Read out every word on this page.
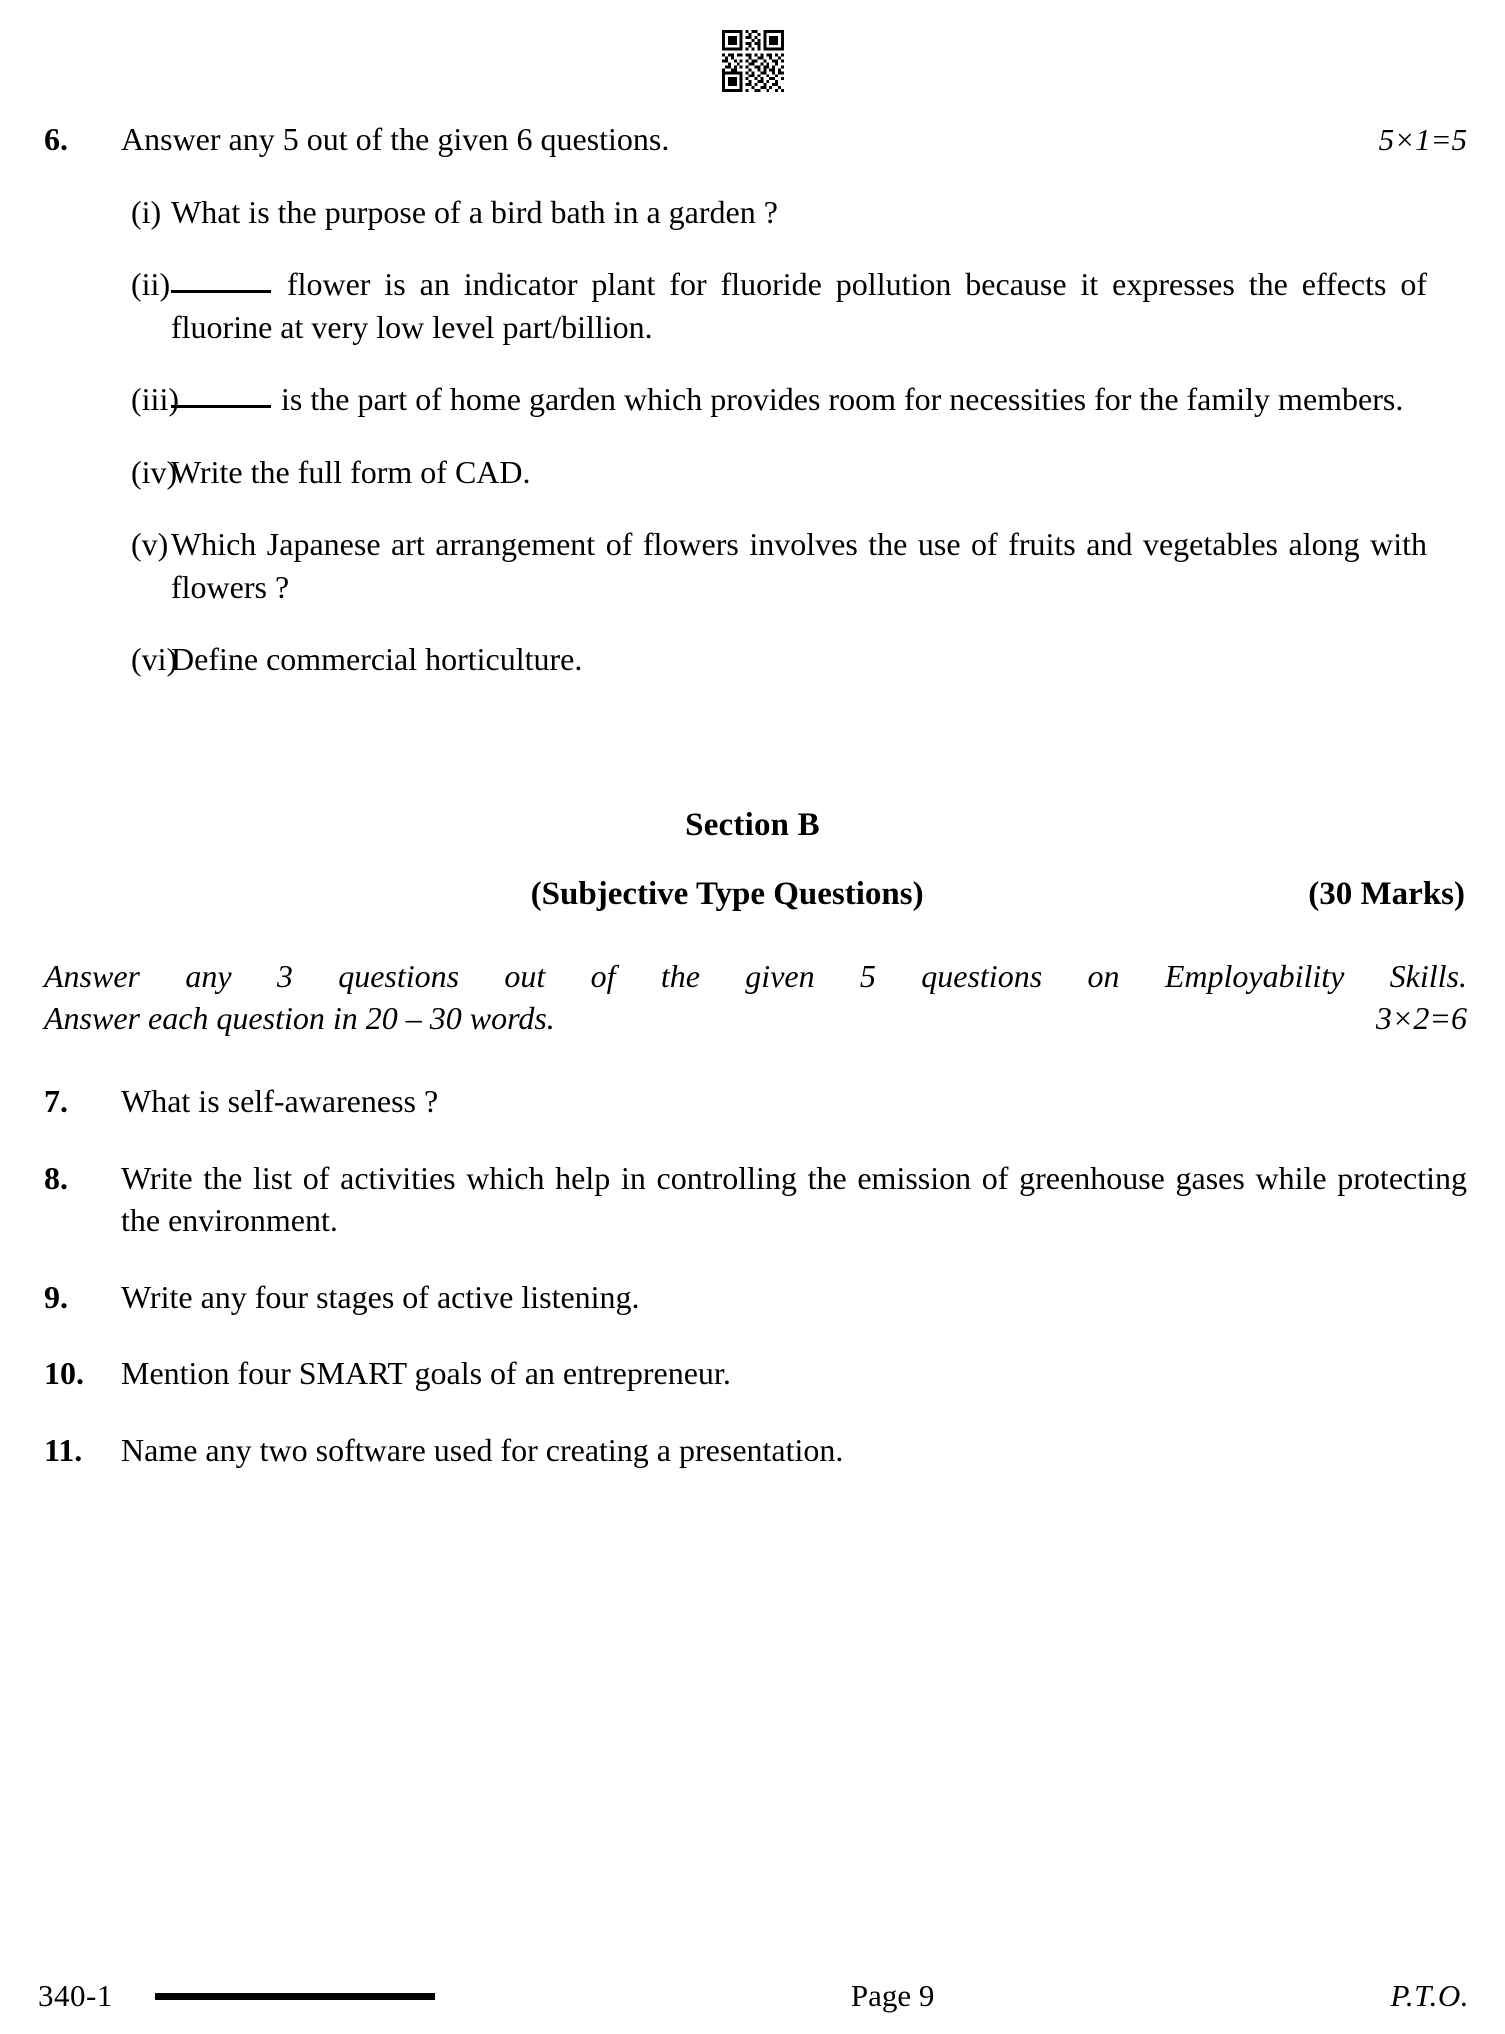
6.	Answer any 5 out of the given 6 questions.	5×1=5
(i) What is the purpose of a bird bath in a garden ?
(ii)	flower is an indicator plant for fluoride pollution because it expresses the effects of fluorine at very low level part/billion.
(iii)	is the part of home garden which provides room for necessities for the family members.
(iv)
Write the full form of CAD.
(v) Which Japanese art arrangement of flowers involves the use of fruits and vegetables along with flowers ?
(vi)
Define commercial horticulture.
Section B
(Subjective Type Questions)	(30 Marks)
Answer any 3 questions out of the given 5 questions on Employability Skills.
Answer each question in 20 – 30 words.	3×2=6
7.	What is self-awareness ?
8.	Write the list of activities which help in controlling the emission of greenhouse gases while protecting the environment.
9.	Write any four stages of active listening.
10.	Mention four SMART goals of an entrepreneur.
11.	Name any two software used for creating a presentation.
340-1	Page 9	P.T.O.
